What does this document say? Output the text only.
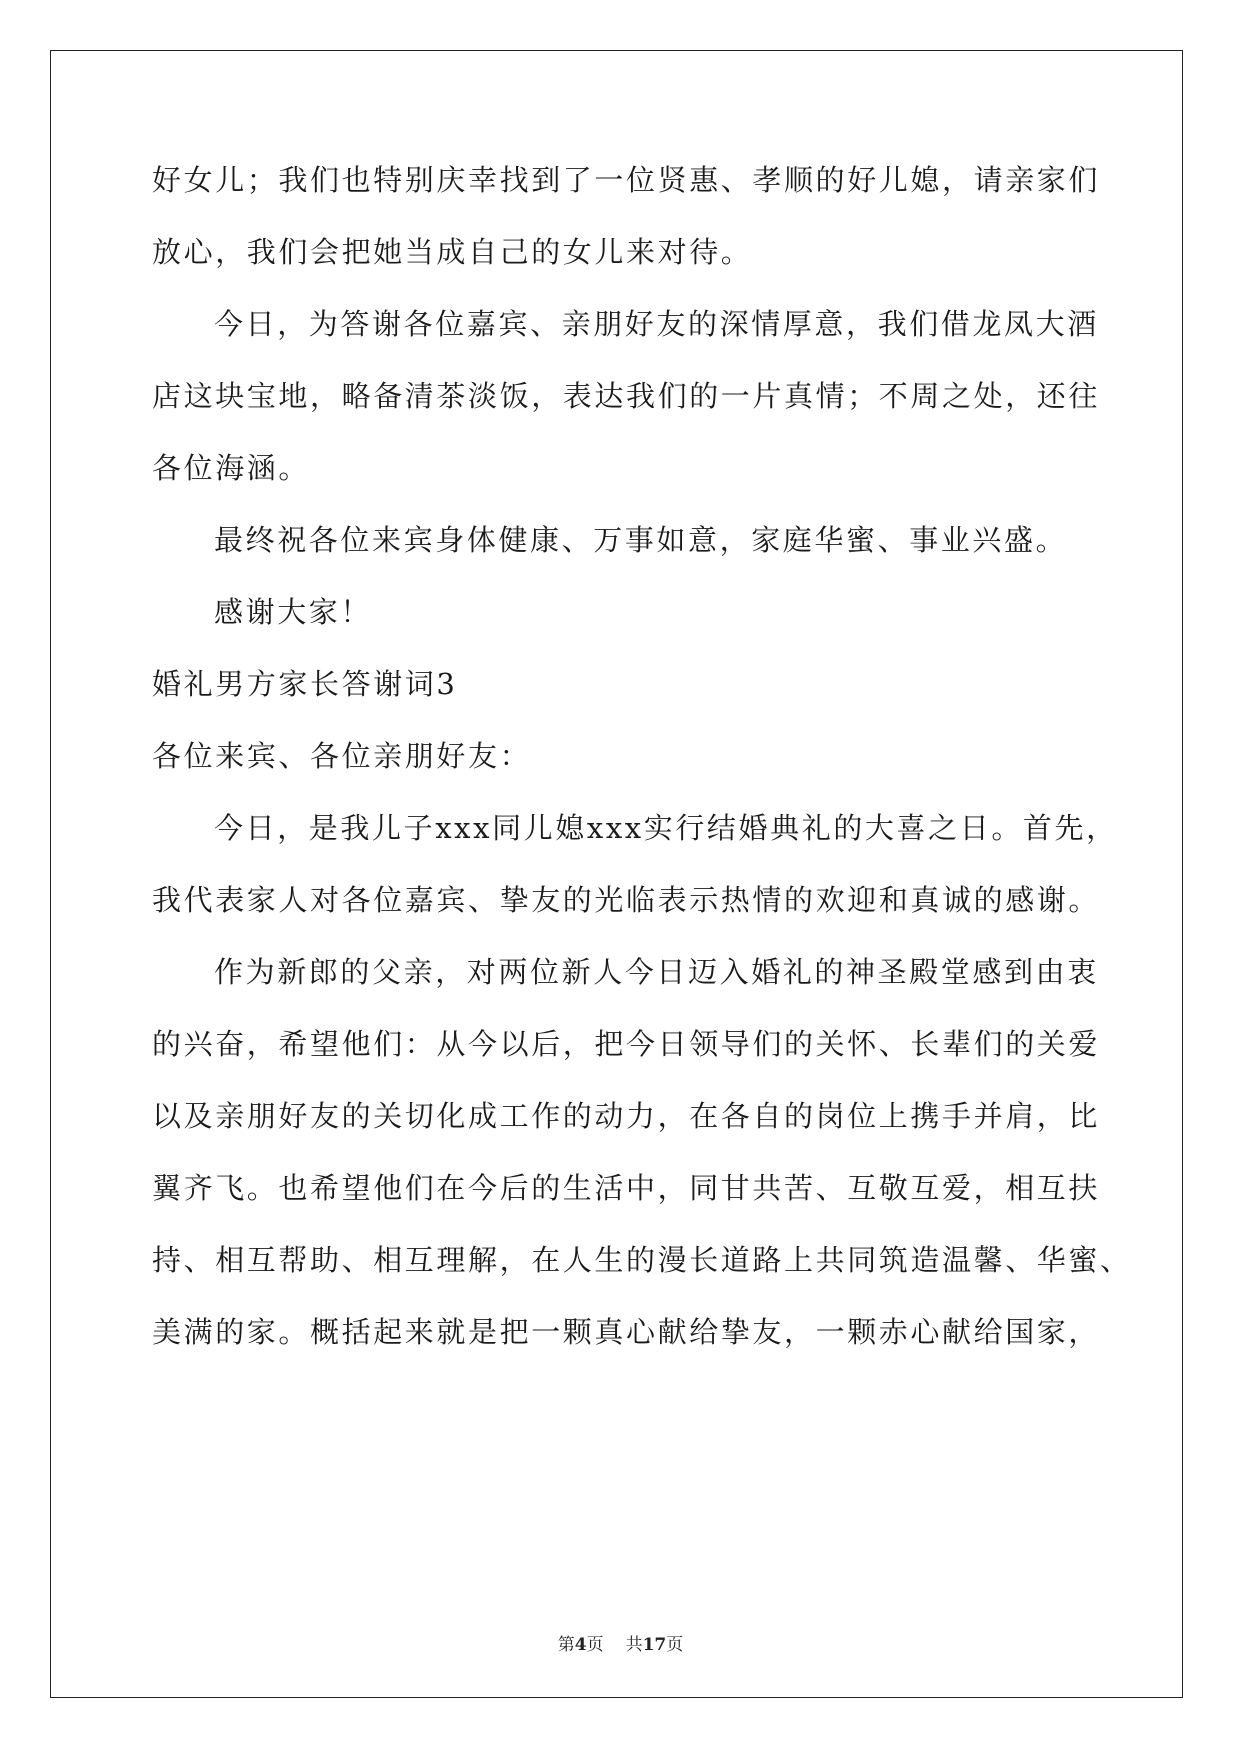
好女儿；我们也特别庆幸找到了一位贤惠、孝顺的好儿媳，请亲家们
放心，我们会把她当成自己的女儿来对待。
今日，为答谢各位嘉宾、亲朋好友的深情厚意，我们借龙凤大酒
店这块宝地，略备清茶淡饭，表达我们的一片真情；不周之处，还往
各位海涵。
最终祝各位来宾身体健康、万事如意，家庭华蜜、事业兴盛。
感谢大家！
婚礼男方家长答谢词3
各位来宾、各位亲朋好友：
今日，是我儿子xxx同儿媳xxx实行结婚典礼的大喜之日。首先，
我代表家人对各位嘉宾、挚友的光临表示热情的欢迎和真诚的感谢。
作为新郎的父亲，对两位新人今日迈入婚礼的神圣殿堂感到由衷
的兴奋，希望他们：从今以后，把今日领导们的关怀、长辈们的关爱
以及亲朋好友的关切化成工作的动力，在各自的岗位上携手并肩，比
翼齐飞。也希望他们在今后的生活中，同甘共苦、互敬互爱，相互扶
持、相互帮助、相互理解，在人生的漫长道路上共同筑造温馨、华蜜、
美满的家。概括起来就是把一颗真心献给挚友，一颗赤心献给国家，
第4页 共17页
